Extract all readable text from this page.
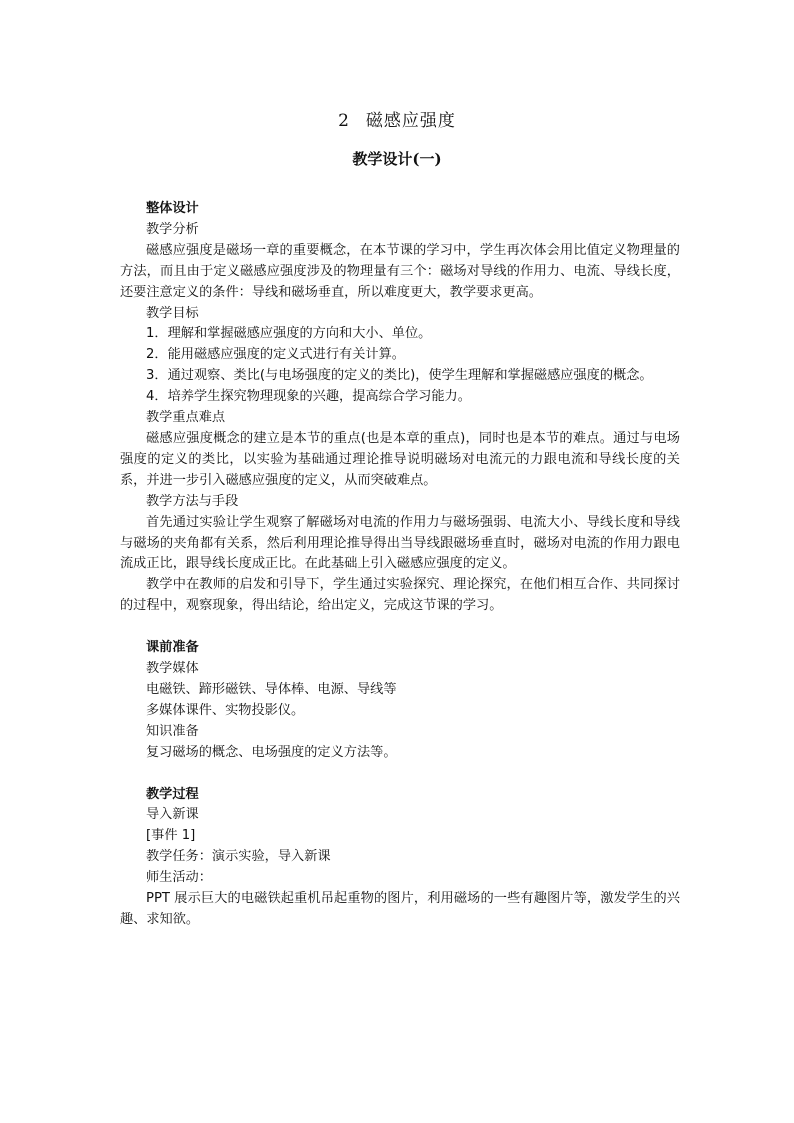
2 磁感应强度
教学设计(一)
整体设计
教学分析

磁感应强度是磁场一章的重要概念，在本节课的学习中，学生再次体会用比值定义物理量的方法，而且由于定义磁感应强度涉及的物理量有三个：磁场对导线的作用力、电流、导线长度，还要注意定义的条件：导线和磁场垂直，所以难度更大，教学要求更高。

教学目标
1．理解和掌握磁感应强度的方向和大小、单位。
2．能用磁感应强度的定义式进行有关计算。
3．通过观察、类比(与电场强度的定义的类比)，使学生理解和掌握磁感应强度的概念。
4．培养学生探究物理现象的兴趣，提高综合学习能力。
教学重点难点

磁感应强度概念的建立是本节的重点(也是本章的重点)，同时也是本节的难点。通过与电场强度的定义的类比，以实验为基础通过理论推导说明磁场对电流元的力跟电流和导线长度的关系，并进一步引入磁感应强度的定义，从而突破难点。

教学方法与手段

首先通过实验让学生观察了解磁场对电流的作用力与磁场强弱、电流大小、导线长度和导线与磁场的夹角都有关系，然后利用理论推导得出当导线跟磁场垂直时，磁场对电流的作用力跟电流成正比，跟导线长度成正比。在此基础上引入磁感应强度的定义。

教学中在教师的启发和引导下，学生通过实验探究、理论探究，在他们相互合作、共同探讨的过程中，观察现象，得出结论，给出定义，完成这节课的学习。

课前准备
教学媒体
电磁铁、蹄形磁铁、导体棒、电源、导线等
多媒体课件、实物投影仪。
知识准备
复习磁场的概念、电场强度的定义方法等。
教学过程
导入新课
[事件 1]
教学任务：演示实验，导入新课
师生活动：

PPT 展示巨大的电磁铁起重机吊起重物的图片，利用磁场的一些有趣图片等，激发学生的兴趣、求知欲。
